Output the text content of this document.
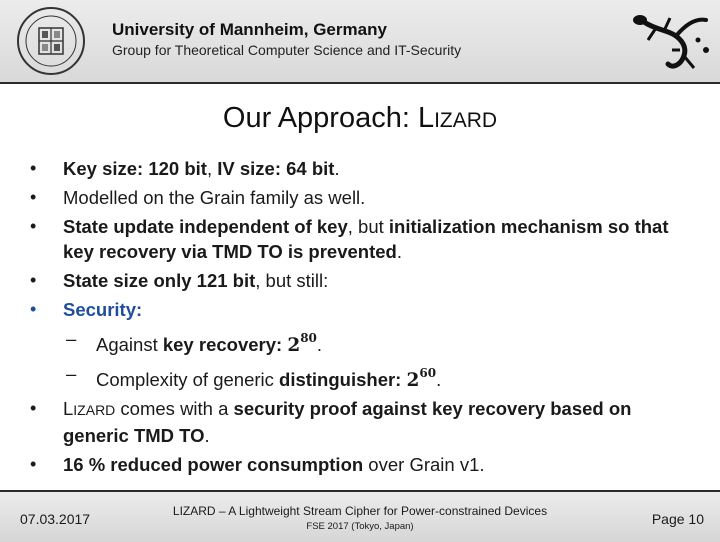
University of Mannheim, Germany
Group for Theoretical Computer Science and IT-Security
Our Approach: LIZARD
• Key size: 120 bit, IV size: 64 bit.
• Modelled on the Grain family as well.
• State update independent of key, but initialization mechanism so that key recovery via TMD TO is prevented.
• State size only 121 bit, but still:
• Security:
– Against key recovery: $2^{80}$.
– Complexity of generic distinguisher: $2^{60}$.
• LIZARD comes with a security proof against key recovery based on generic TMD TO.
• 16 % reduced power consumption over Grain v1.
07.03.2017	LIZARD – A Lightweight Stream Cipher for Power-constrained Devices
FSE 2017 (Tokyo, Japan)	Page 10
